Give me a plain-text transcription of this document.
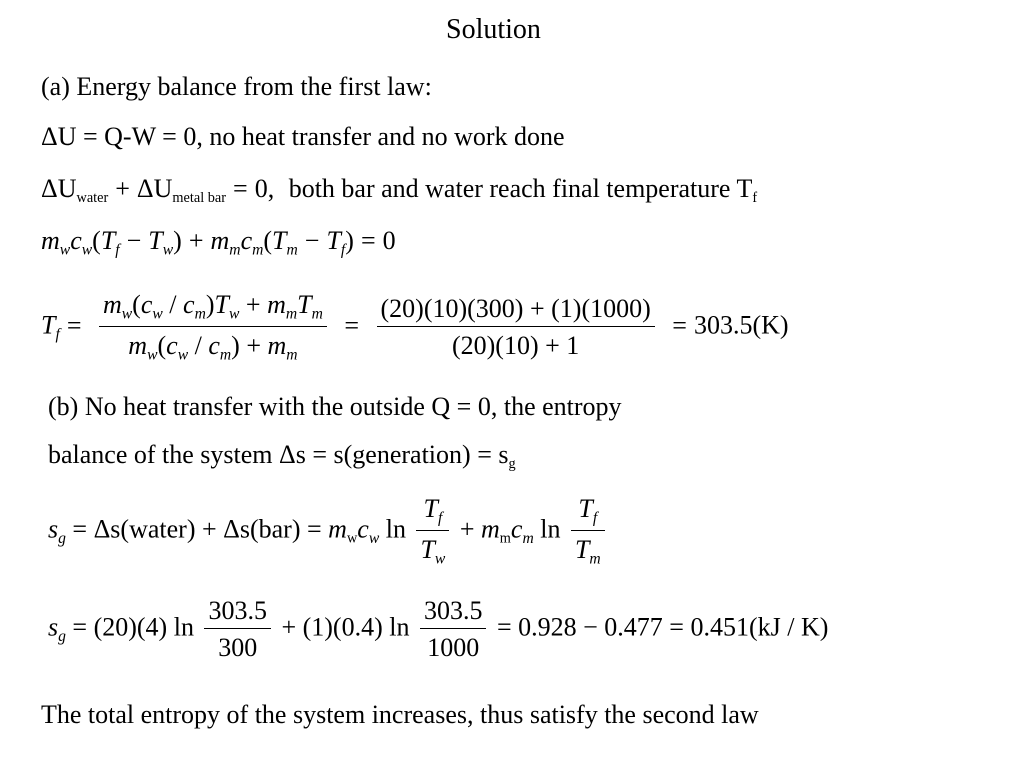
Solution
(a) Energy balance from the first law:
ΔU = Q-W = 0, no heat transfer and no work done
$\Delta U_{water} + \Delta U_{metal bar} = 0$, both bar and water reach final temperature $T_f$
$m_wc_w(T_f - T_w) + m_mc_m(T_m - T_f) = 0$
$T_f = \frac{m_w(c_w / c_m)T_w + m_mT_m}{m_w(c_w / c_m) + m_m} = \frac{(20)(10)(300) + (1)(1000)}{(20)(10) + 1} = 303.5(K)$
(b) No heat transfer with the outside Q = 0, the entropy
balance of the system Δs = s(generation) = $s_g$
$s_g$ = Δs(water) + $\Delta s(bar) = m_wc_w$ $\ln \frac{T_f}{T_w} + m_mc_m$ $\ln \frac{T_f}{T_m}$
$s_g = (20)(4)$ $\ln \frac{303.5}{300} + (1)(0.4)$ $\ln \frac{303.5}{1000} = 0.928 - 0.477 = 0.451(kJ / K)$
The total entropy of the system increases, thus satisfy the second law
